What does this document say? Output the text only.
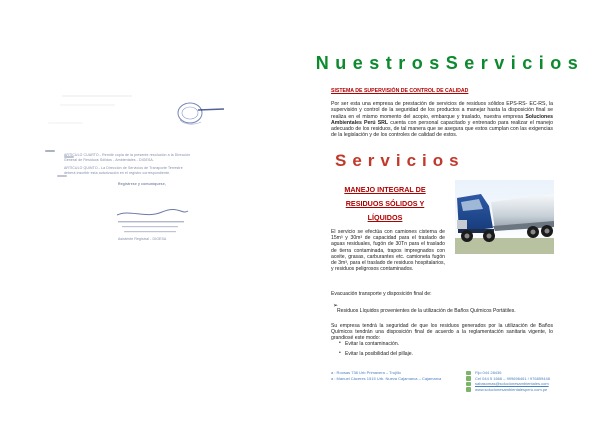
ARTÍCULO CUARTO.- Remitir copia de la presente resolución a la Dirección
General de Residuos Sólidos - Ambientales - DIGESA.
ARTÍCULO QUINTO.- La Dirección de Servicios de Transporte Terrestre
deberá inscribir esta autorización en el registro correspondiente.
Regístrese y comuníquese,
Asistente Registral - DIGESA
NuestrosServicios
SISTEMA DE SUPERVISIÓN DE CONTROL DE CALIDAD
Por ser esta una empresa de prestación de servicios de residuos sólidos EPS-RS- EC-RS, la supervisión y control de la seguridad de los productos a manejar hasta la disposición final se realiza en el mismo momento del acopio, embarque y traslado, nuestra empresa Soluciones Ambientales Perú SRL cuenta con personal capacitado y entrenado para realizar el manejo adecuado de los residuos, de tal manera que se asegura que estos cumplan con las exigencias de la legislación y de los controles de calidad de estos.
Servicios
MANEJO INTEGRAL DE RESIDUOS SÓLIDOS Y LÍQUIDOS
El servicio se efectúa con camiones cisterna de 15m³ y 30m³ de capacidad para el traslado de aguas residuales, fugón de 30Tn para el traslado de tierra contaminada, trapos impregnados con aceite, grasas, carburantes etc. camioneta fugón de 3m³, para el traslado de residuos hospitalarios, y residuos peligrosos contaminados.
Evacuación transporte y disposición final de:
➢
Residuos Líquidos provenientes de la utilización de Baños Químicos Portátiles.
Su empresa tendrá la seguridad de que los residuos generados por la utilización de Baños Químicos tendrán una disposición final de acuerdo a la reglamentación sanitaria vigente, lo grandiosé este modo:
• Evitar la contaminación.
• Evitar la posibilidad del pillaje.
a : Roosas 738 Urb Primavera – Trujillo
a : Manuel Cáceres 1515 Urb. Nueva Cajamarca – Cajamarca
Fijo 044 28436
Cel 044 5 1666 – 999696461 / 976859448
sabasomas@solucionesambientales.com
www.solucionesambientalesperu.com.pe
